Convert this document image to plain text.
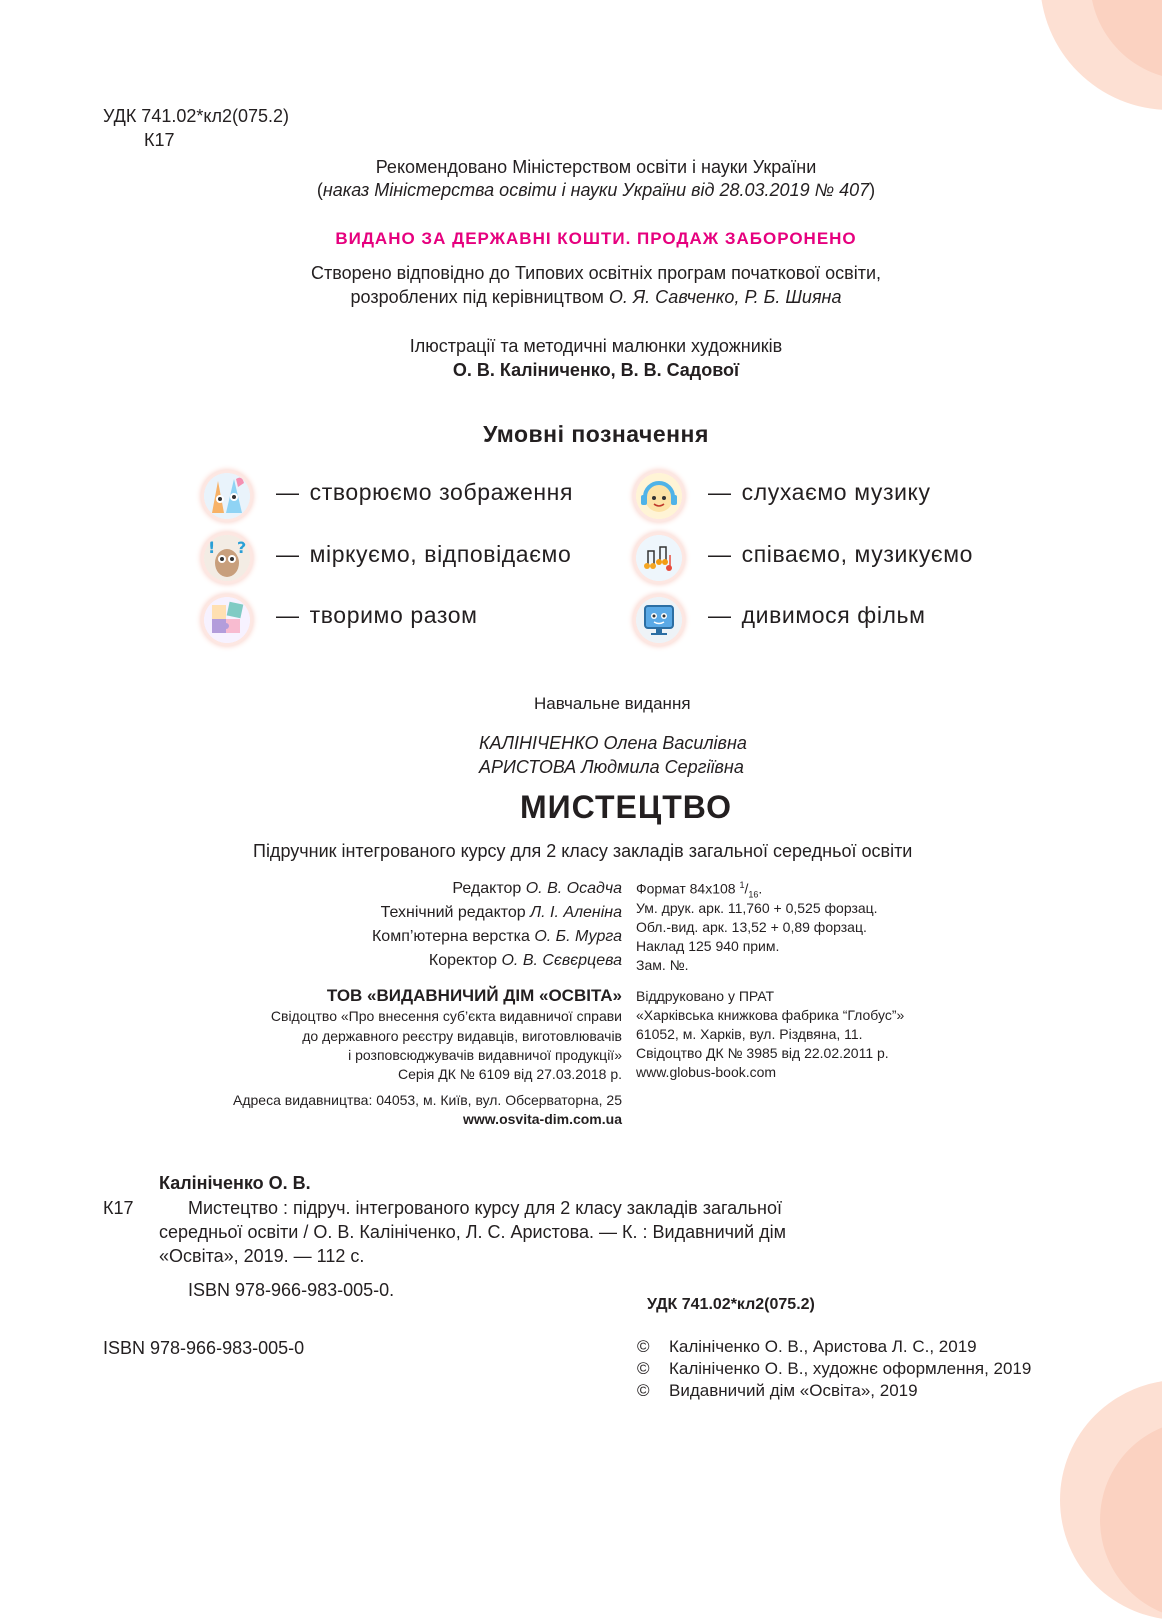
УДК 741.02*кл2(075.2)
К17
Рекомендовано Міністерством освіти і науки України
(наказ Міністерства освіти і науки України від 28.03.2019 № 407)
ВИДАНО ЗА ДЕРЖАВНІ КОШТИ. ПРОДАЖ ЗАБОРОНЕНО
Створено відповідно до Типових освітніх програм початкової освіти,
розроблених під керівництвом О. Я. Савченко, Р. Б. Шияна
Ілюстрації та методичні малюнки художників
О. В. Каліниченко, В. В. Садової
Умовні позначення
— створюємо зображення	— слухаємо музику
! ? — міркуємо, відповідаємо	— співаємо, музикуємо
— творимо разом	— дивимося фільм
Навчальне видання
КАЛІНІЧЕНКО Олена Василівна
АРИСТОВА Людмила Сергіївна
МИСТЕЦТВО
Підручник інтегрованого курсу для 2 класу закладів загальної середньої освіти
Редактор О. В. Осадча
Технічний редактор Л. І. Аленіна
Комп’ютерна верстка О. Б. Мурга
Коректор О. В. Сєвєрцева
Формат 84х108 $^1/_{16}$.
Ум. друк. арк. 11,760 + 0,525 форзац.
Обл.-вид. арк. 13,52 + 0,89 форзац.
Наклад 125 940 прим.
Зам. №.
ТОВ «ВИДАВНИЧИЙ ДІМ «ОСВІТА»
Свідоцтво «Про внесення суб’єкта видавничої справи
до державного реєстру видавців, виготовлювачів
і розповсюджувачів видавничої продукції»
Серія ДК № 6109 від 27.03.2018 р.
Адреса видавництва: 04053, м. Київ, вул. Обсерваторна, 25
www.osvita-dim.com.ua
Віддруковано у ПРАТ
«Харківська книжкова фабрика “Глобус”»
61052, м. Харків, вул. Різдвяна, 11.
Свідоцтво ДК № 3985 від 22.02.2011 р.
www.globus-book.com
Калініченко О. В.
К17	Мистецтво : підруч. інтегрованого курсу для 2 класу закладів загальної
середньої освіти / О. В. Калініченко, Л. С. Аристова. — К. : Видавничий дім
«Освіта», 2019. — 112 с.
ISBN 978-966-983-005-0.
УДК 741.02*кл2(075.2)
ISBN 978-966-983-005-0	© Калініченко О. В., Аристова Л. С., 2019
© Калініченко О. В., художнє оформлення, 2019
© Видавничий дім «Освіта», 2019
